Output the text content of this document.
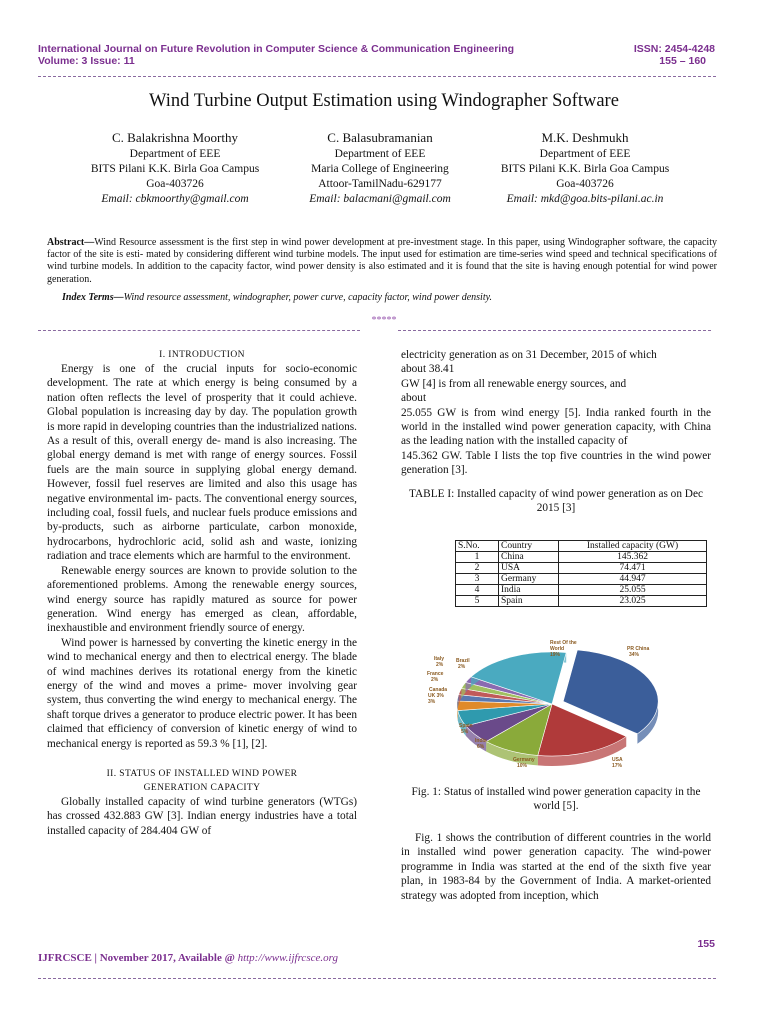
International Journal on Future Revolution in Computer Science & Communication Engineering
Volume: 3 Issue: 11
ISSN: 2454-4248
155 – 160
Wind Turbine Output Estimation using Windographer Software
C. Balakrishna Moorthy
Department of EEE
BITS Pilani K.K. Birla Goa Campus
Goa-403726
Email: cbkmoorthy@gmail.com
C. Balasubramanian
Department of EEE
Maria College of Engineering
Attoor-TamilNadu-629177
Email: balacmani@gmail.com
M.K. Deshmukh
Department of EEE
BITS Pilani K.K. Birla Goa Campus
Goa-403726
Email: mkd@goa.bits-pilani.ac.in
Abstract—Wind Resource assessment is the first step in wind power development at pre-investment stage. In this paper, using Windographer software, the capacity factor of the site is esti- mated by considering different wind turbine models. The input used for estimation are time-series wind speed and technical specifications of wind turbine models. In addition to the capacity factor, wind power density is also estimated and it is found that the site is having enough potential for wind power generation.
Index Terms—Wind resource assessment, windographer, power curve, capacity factor, wind power density.
*****
I. INTRODUCTION

Energy is one of the crucial inputs for socio-economic development. The rate at which energy is being consumed by a nation often reflects the level of prosperity that it could achieve. Global population is increasing day by day. The population growth is more rapid in developing countries than the industrialized nations. As a result of this, overall energy de- mand is also increasing. The global energy demand is met with range of energy sources. Fossil fuels are the main source in supplying global energy demand. However, fossil fuel reserves are limited and also this usage has negative environmental im- pacts. The conventional energy sources, including coal, fossil fuels, and nuclear fuels produce emissions and by-products, such as airborne particulate, carbon monoxide, hydrocarbons, hydrochloric acid, solid ash and waste, ionizing radiation and trace elements which are harmful to the environment.

Renewable energy sources are known to provide solution to the aforementioned problems. Among the renewable energy sources, wind energy source has rapidly matured as source for power generation. Wind energy has emerged as clean, affordable, inexhaustible and environment friendly source of energy.

Wind power is harnessed by converting the kinetic energy in the wind to mechanical energy and then to electrical energy. The blade of wind machines derives its rotational energy from the kinetic energy of the wind and moves a prime- mover involving gear system, thus converting the wind energy to mechanical energy. The shaft torque drives a generator to produce electric power. It has been claimed that efficiency of conversion of kinetic energy of wind to mechanical energy is reported as 59.3 % [1], [2].

II. STATUS OF INSTALLED WIND POWER
GENERATION CAPACITY

Globally installed capacity of wind turbine generators (WTGs) has crossed 432.883 GW [3]. Indian energy industries have a total installed capacity of 284.404 GW of

electricity generation as on 31 December, 2015 of which
about 38.41
GW [4] is from all renewable energy sources, and
about
25.055 GW is from wind energy [5]. India ranked fourth in the world in the installed wind power generation capacity, with China as the leading nation with the installed capacity of
145.362 GW. Table I lists the top five countries in the wind power generation [3].
TABLE I: Installed capacity of wind power generation as on Dec 2015 [3]
S.No.	Country	Installed capacity (GW)
1	China	145.362
2	USA	74.471
3	Germany	44.947
4	India	25.055
5	Spain	23.025
Rest Of the World 19%
PR China 34%
USA 17%
Germany 10%
India 6%
Spain 5%
UK 3% 3%
Canada
France 2%
Italy 2%
Brazil 2%
Fig. 1: Status of installed wind power generation capacity in the world [5].

Fig. 1 shows the contribution of different countries in the world in installed wind power generation capacity. The wind-power programme in India was started at the end of the sixth five year plan, in 1983-84 by the Government of India. A market-oriented strategy was adopted from inception, which

155
IJFRCSCE | November 2017, Available @ http://www.ijfrcsce.org
